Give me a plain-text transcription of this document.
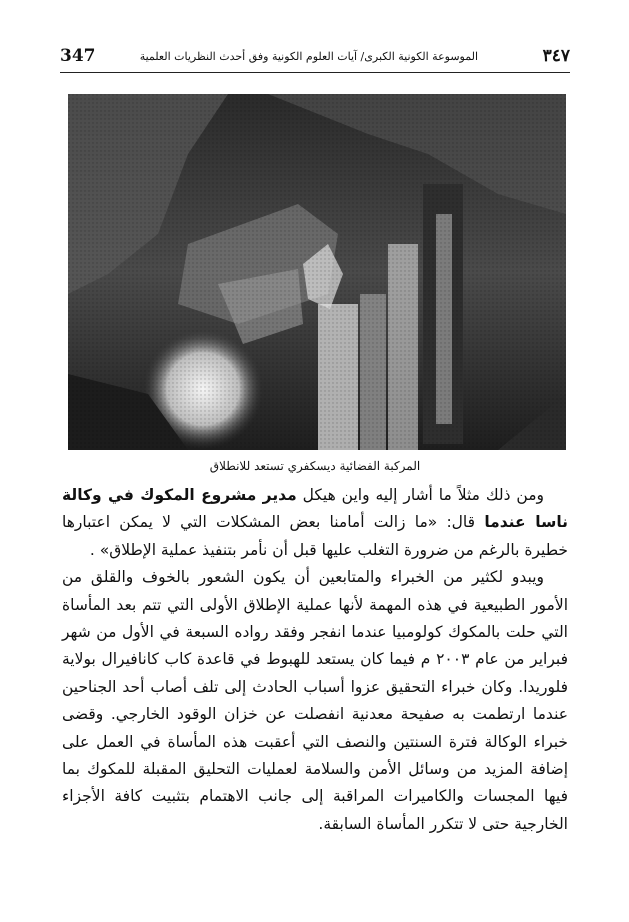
٣٤٧
الموسوعة الكونية الكبرى/ آيات العلوم الكونية وفق أحدث النظريات العلمية
347
المركبة الفضائية ديسكفري تستعد للانطلاق

ومن ذلك مثلاً ما أشار إليه واين هيكل مدير مشروع المكوك في وكالة ناسا عندما قال: «ما زالت أمامنا بعض المشكلات التي لا يمكن اعتبارها خطيرة بالرغم من ضرورة التغلب عليها قبل أن نأمر بتنفيذ عملية الإطلاق» .

ويبدو لكثير من الخبراء والمتابعين أن يكون الشعور بالخوف والقلق من الأمور الطبيعية في هذه المهمة لأنها عملية الإطلاق الأولى التي تتم بعد المأساة التي حلت بالمكوك كولومبيا عندما انفجر وفقد رواده السبعة في الأول من شهر فبراير من عام ٢٠٠٣ م فيما كان يستعد للهبوط في قاعدة كاب كانافيرال بولاية فلوريدا. وكان خبراء التحقيق عزوا أسباب الحادث إلى تلف أصاب أحد الجناحين عندما ارتطمت به صفيحة معدنية انفصلت عن خزان الوقود الخارجي. وقضى خبراء الوكالة فترة السنتين والنصف التي أعقبت هذه المأساة في العمل على إضافة المزيد من وسائل الأمن والسلامة لعمليات التحليق المقبلة للمكوك بما فيها المجسات والكاميرات المراقبة إلى جانب الاهتمام بتثبيت كافة الأجزاء الخارجية حتى لا تتكرر المأساة السابقة.
